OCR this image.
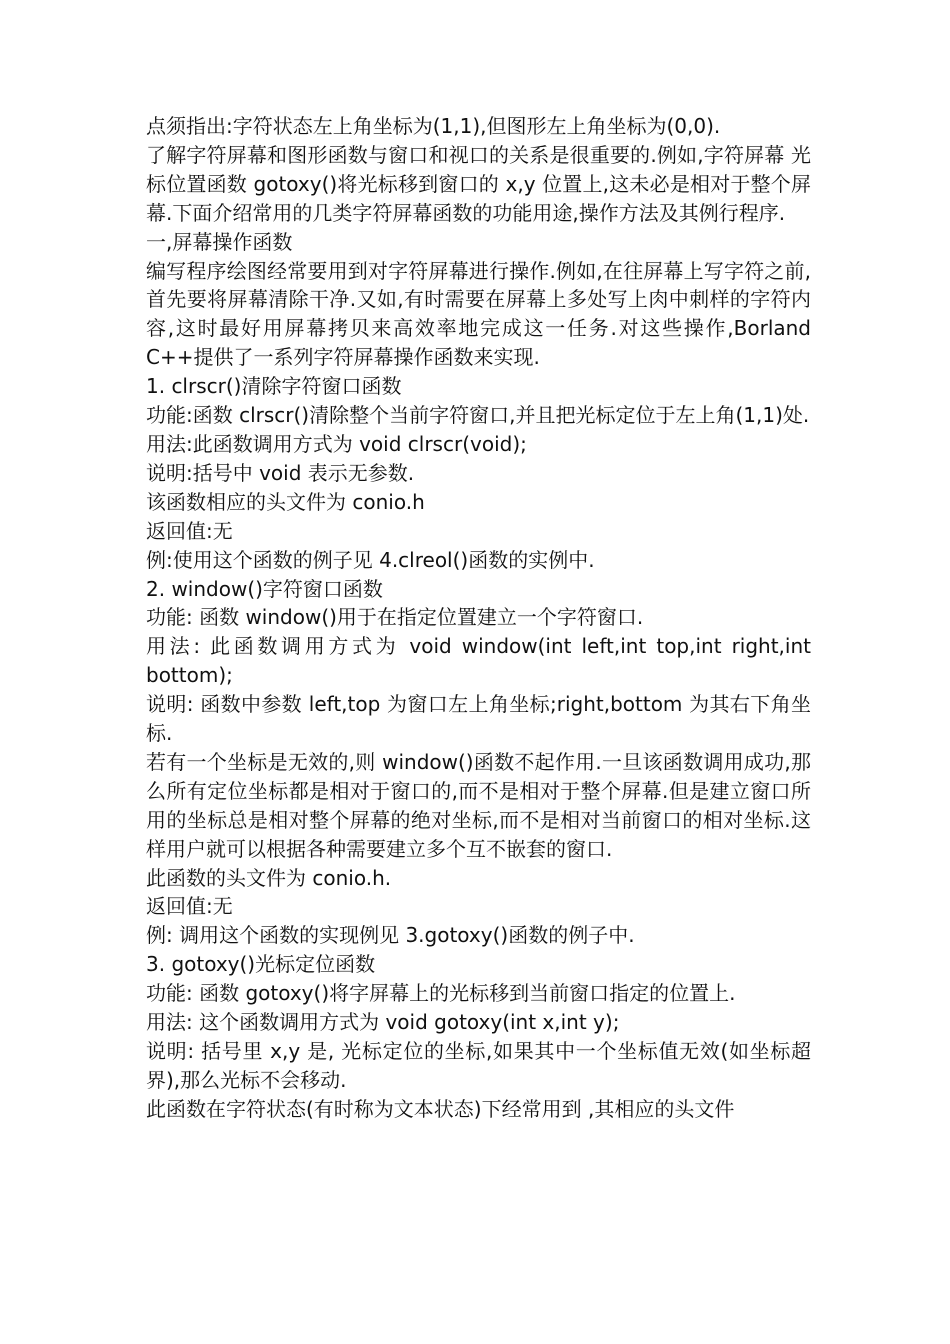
点须指出:字符状态左上角坐标为(1,1),但图形左上角坐标为(0,0).

了解字符屏幕和图形函数与窗口和视口的关系是很重要的.例如,字符屏幕 光标位置函数 gotoxy()将光标移到窗口的 x,y 位置上,这未必是相对于整个屏幕.下面介绍常用的几类字符屏幕函数的功能用途,操作方法及其例行程序.

一,屏幕操作函数

编写程序绘图经常要用到对字符屏幕进行操作.例如,在往屏幕上写字符之前,首先要将屏幕清除干净.又如,有时需要在屏幕上多处写上肉中刺样的字符内容,这时最好用屏幕拷贝来高效率地完成这一任务.对这些操作,Borland C++提供了一系列字符屏幕操作函数来实现.

1. clrscr()清除字符窗口函数

功能:函数 clrscr()清除整个当前字符窗口,并且把光标定位于左上角(1,1)处.

用法:此函数调用方式为 void clrscr(void);

说明:括号中 void 表示无参数.

该函数相应的头文件为 conio.h

返回值:无

例:使用这个函数的例子见 4.clreol()函数的实例中.

2. window()字符窗口函数

功能: 函数 window()用于在指定位置建立一个字符窗口.

用法: 此函数调用方式为 void window(int left,int top,int right,int bottom);

说明: 函数中参数 left,top 为窗口左上角坐标;right,bottom 为其右下角坐标.

若有一个坐标是无效的,则 window()函数不起作用.一旦该函数调用成功,那么所有定位坐标都是相对于窗口的,而不是相对于整个屏幕.但是建立窗口所用的坐标总是相对整个屏幕的绝对坐标,而不是相对当前窗口的相对坐标.这样用户就可以根据各种需要建立多个互不嵌套的窗口.

此函数的头文件为 conio.h.

返回值:无

例: 调用这个函数的实现例见 3.gotoxy()函数的例子中.

3. gotoxy()光标定位函数

功能: 函数 gotoxy()将字屏幕上的光标移到当前窗口指定的位置上.

用法: 这个函数调用方式为 void gotoxy(int x,int y);

说明: 括号里 x,y 是, 光标定位的坐标,如果其中一个坐标值无效(如坐标超界),那么光标不会移动.

此函数在字符状态(有时称为文本状态)下经常用到 ,其相应的头文件
